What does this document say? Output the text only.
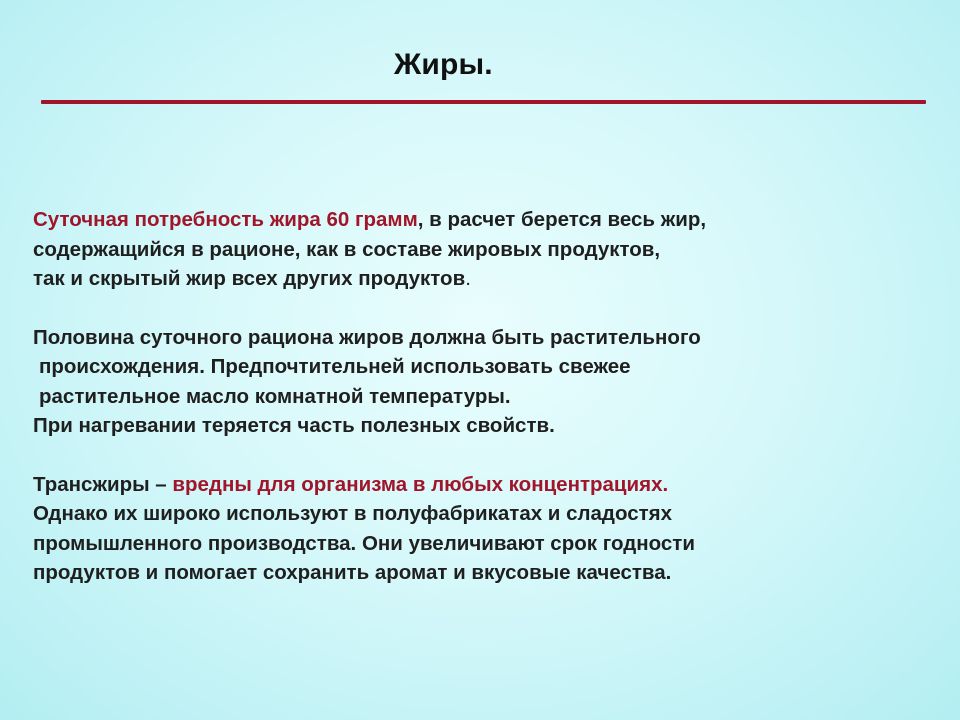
Жиры.

Суточная потребность жира 60 грамм, в расчет берется весь жир,
содержащийся в рационе, как в составе жировых продуктов,
так и скрытый жир всех других продуктов.

Половина суточного рациона жиров должна быть растительного
происхождения. Предпочтительней использовать свежее
растительное масло комнатной температуры.
При нагревании теряется часть полезных свойств.

Трансжиры – вредны для организма в любых концентрациях.
Однако их широко используют в полуфабрикатах и сладостях
промышленного производства. Они увеличивают срок годности
продуктов и помогает сохранить аромат и вкусовые качества.
